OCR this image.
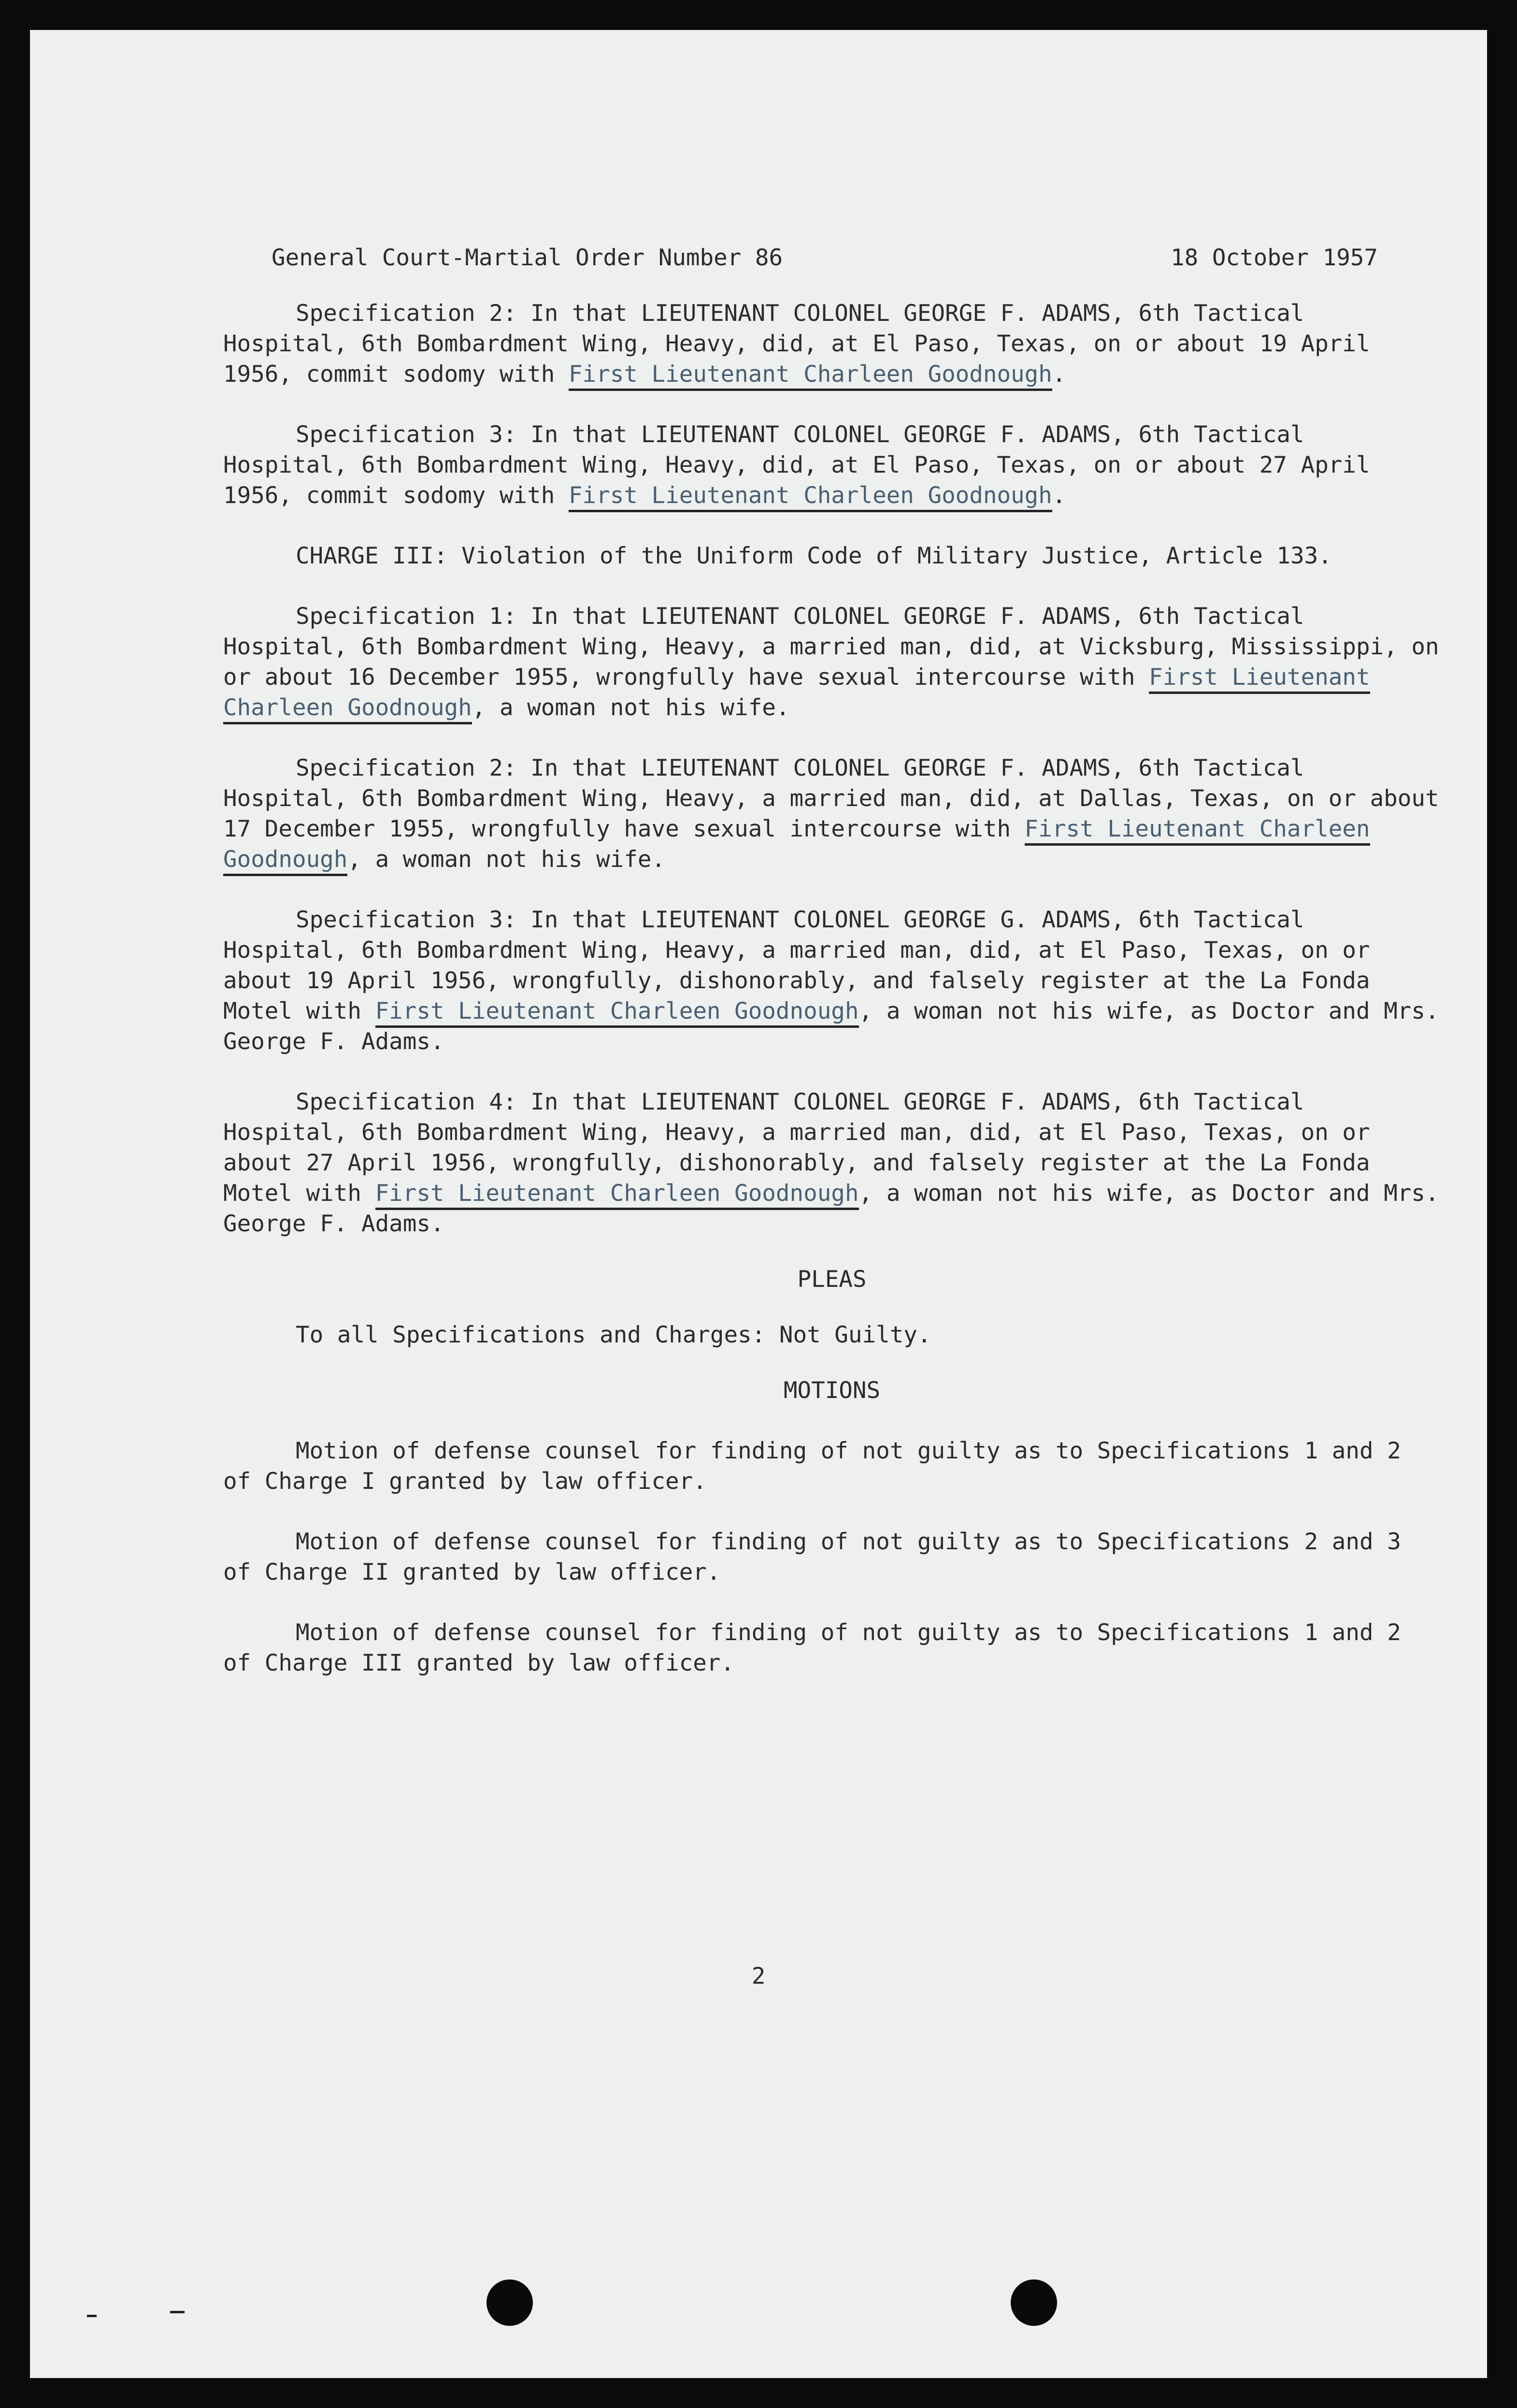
General Court-Martial Order Number 86	18 October 1957

Specification 2: In that LIEUTENANT COLONEL GEORGE F. ADAMS, 6th Tactical Hospital, 6th Bombardment Wing, Heavy, did, at El Paso, Texas, on or about 19 April 1956, commit sodomy with First Lieutenant Charleen Goodnough.

Specification 3: In that LIEUTENANT COLONEL GEORGE F. ADAMS, 6th Tactical Hospital, 6th Bombardment Wing, Heavy, did, at El Paso, Texas, on or about 27 April 1956, commit sodomy with First Lieutenant Charleen Goodnough.

CHARGE III: Violation of the Uniform Code of Military Justice, Article 133.

Specification 1: In that LIEUTENANT COLONEL GEORGE F. ADAMS, 6th Tactical Hospital, 6th Bombardment Wing, Heavy, a married man, did, at Vicksburg, Mississippi, on or about 16 December 1955, wrongfully have sexual intercourse with First Lieutenant Charleen Goodnough, a woman not his wife.

Specification 2: In that LIEUTENANT COLONEL GEORGE F. ADAMS, 6th Tactical Hospital, 6th Bombardment Wing, Heavy, a married man, did, at Dallas, Texas, on or about 17 December 1955, wrongfully have sexual intercourse with First Lieutenant Charleen Goodnough, a woman not his wife.

Specification 3: In that LIEUTENANT COLONEL GEORGE G. ADAMS, 6th Tactical Hospital, 6th Bombardment Wing, Heavy, a married man, did, at El Paso, Texas, on or about 19 April 1956, wrongfully, dishonorably, and falsely register at the La Fonda Motel with First Lieutenant Charleen Goodnough, a woman not his wife, as Doctor and Mrs. George F. Adams.

Specification 4: In that LIEUTENANT COLONEL GEORGE F. ADAMS, 6th Tactical Hospital, 6th Bombardment Wing, Heavy, a married man, did, at El Paso, Texas, on or about 27 April 1956, wrongfully, dishonorably, and falsely register at the La Fonda Motel with First Lieutenant Charleen Goodnough, a woman not his wife, as Doctor and Mrs. George F. Adams.

PLEAS

To all Specifications and Charges: Not Guilty.

MOTIONS

Motion of defense counsel for finding of not guilty as to Specifications 1 and 2 of Charge I granted by law officer.

Motion of defense counsel for finding of not guilty as to Specifications 2 and 3 of Charge II granted by law officer.

Motion of defense counsel for finding of not guilty as to Specifications 1 and 2 of Charge III granted by law officer.

2
